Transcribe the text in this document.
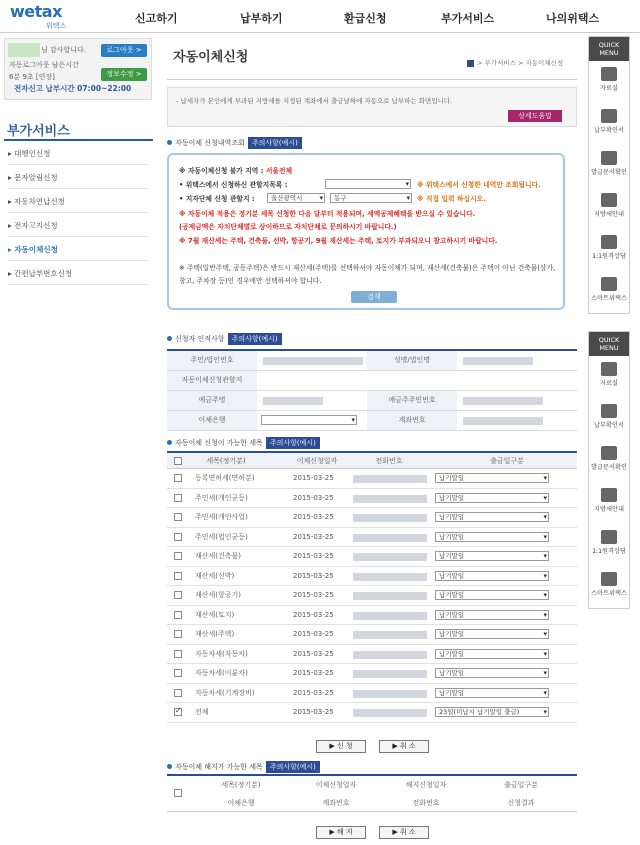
wetax
위택스
신고하기	납부하기	환급신청	부가서비스	나의위택스
님 감사합니다.
자동로그아웃 남은시간
6분 9초 [연장]
로그아웃 >
정보수정 >
전자신고 납부시간 07:00~22:00
부가서비스
▸ 대행인신청
▸ 문자알림신청
▸ 자동차연납신청
▸ 전자고지신청
▸ 자동이체신청
▸ 간편납부번호신청
자동이체신청	> 부가서비스 > 자동이체신청
- 납세자가 본인에게 부과된 지방세를 지정된 계좌에서 출금날짜에 자동으로 납부하는 화면입니다.
상세도움말
자동이체 신청내역조회 주의사항(예시)
※ 자동이체신청 불가 지역 : 서울전체
• 위택스에서 신청하신 관할지목록 : ▾	※ 위택스에서 신청한 내역만 조회됩니다.
• 지자단체 신청 관할지 :	울산광역시 ▾	동구 ▾	※ 직접 입력 하십시오.
※ 자동이체 적용은 정기분 세목 신청한 다음 달부터 적용되며, 세액공제혜택을 받으실 수 있습니다.
(공제금액은 자치단체별로 상이하므로 자치단체로 문의하시기 바랍니다.)
※ 7월 재산세는 주택, 건축물, 선박, 항공기, 9월 재산세는 주택, 토지가 부과되오니 참고하시기 바랍니다.
※ 주택(일반주택, 공동주택)은 반드시 재산세(주택)를 선택하셔야 자동이체가 되며, 재산세(건축물)은 주택이 아닌 건축물(상가, 창고, 주차장 등)인 경우에만 선택하셔야 합니다.
검색
신청자 인적사항 주의사항(예시)
주민/법인번호	성명/법인명
자동이체신청관할지
예금주명	예금주주민번호
이체은행 ▾	계좌번호
자동이체 신청이 가능한 세목 주의사항(예시)
세목(정기분)	이체신청일자	전화번호	출금일구분
등록면허세(면허분)	2015-03-25	납기말일 ▾
주민세(개인균등)	2015-03-25	납기말일 ▾
주민세(개인사업)	2015-03-25	납기말일 ▾
주민세(법인균등)	2015-03-25	납기말일 ▾
재산세(건축물)	2015-03-25	납기말일 ▾
재산세(선박)	2015-03-25	납기말일 ▾
재산세(항공기)	2015-03-25	납기말일 ▾
재산세(토지)	2015-03-25	납기말일 ▾
재산세(주택)	2015-03-25	납기말일 ▾
자동차세(자동차)	2015-03-25	납기말일 ▾
자동차세(이륜차)	2015-03-25	납기말일 ▾
자동차세(기계장비)	2015-03-25	납기말일 ▾
✓
전체	2015-03-25	23일(미납시 납기말일 출금) ▾
▶ 신 청	▶ 취 소
자동이체 해지가 가능한 세목 주의사항(예시)
세목(정기분)	이체신청일자	해지신청일자	출금일구분
이체은행	계좌번호	전화번호	신청결과
▶ 해 지	▶ 취 소
QUICK MENU
자료실
납부확인서
발급문서확인
지방세안내
1:1원격상담
스마트위택스
QUICK MENU
자료실
납부확인서
발급문서확인
지방세안내
1:1원격상담
스마트위택스
